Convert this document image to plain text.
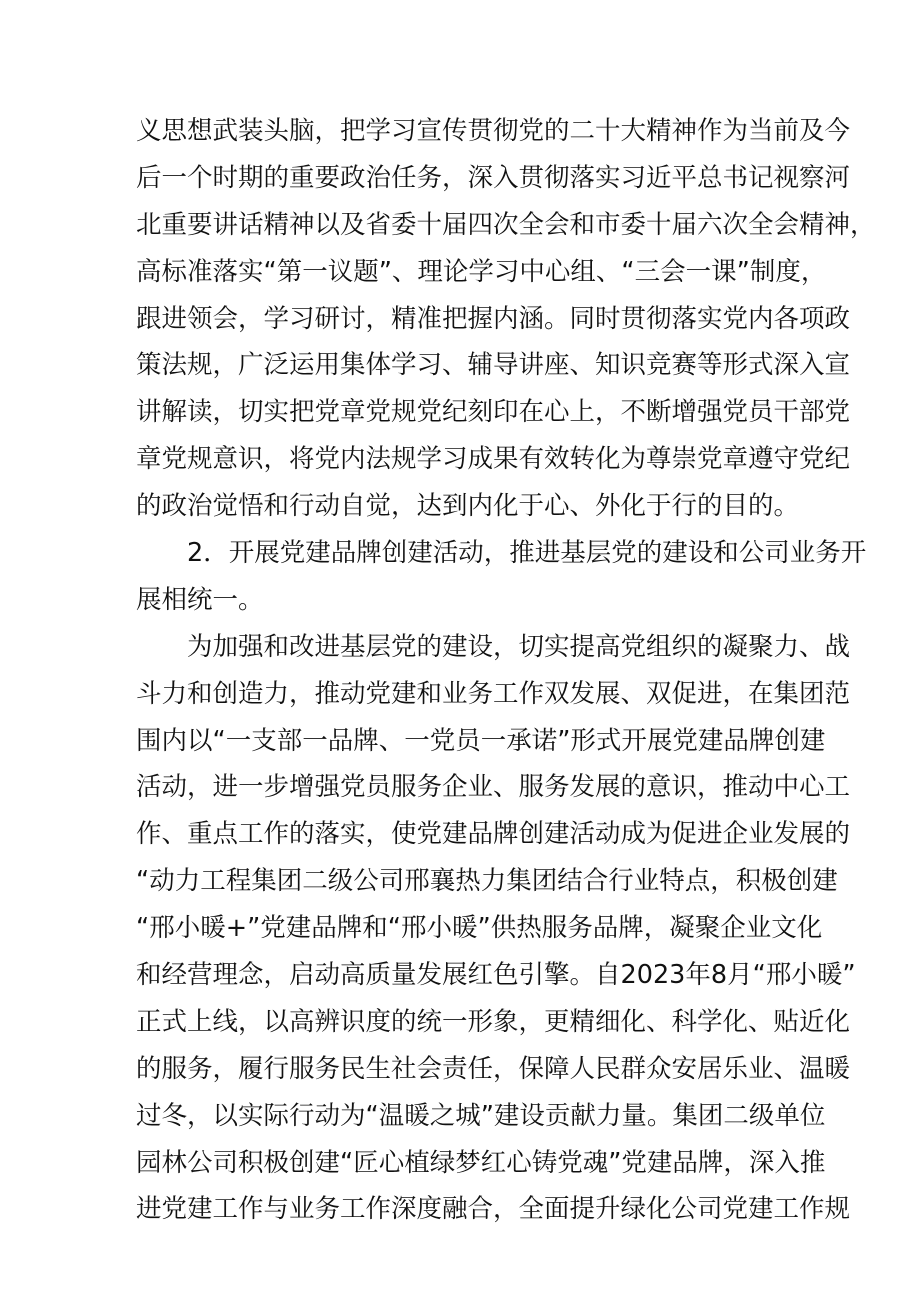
义思想武装头脑，把学习宣传贯彻党的二十大精神作为当前及今
后一个时期的重要政治任务，深入贯彻落实习近平总书记视察河
北重要讲话精神以及省委十届四次全会和市委十届六次全会精神，
高标准落实“第一议题”、理论学习中心组、“三会一课”制度，
跟进领会，学习研讨，精准把握内涵。同时贯彻落实党内各项政
策法规，广泛运用集体学习、辅导讲座、知识竞赛等形式深入宣
讲解读，切实把党章党规党纪刻印在心上，不断增强党员干部党
章党规意识，将党内法规学习成果有效转化为尊崇党章遵守党纪
的政治觉悟和行动自觉，达到内化于心、外化于行的目的。
　　2．开展党建品牌创建活动，推进基层党的建设和公司业务开
展相统一。
　　为加强和改进基层党的建设，切实提高党组织的凝聚力、战
斗力和创造力，推动党建和业务工作双发展、双促进，在集团范
围内以“一支部一品牌、一党员一承诺”形式开展党建品牌创建
活动，进一步增强党员服务企业、服务发展的意识，推动中心工
作、重点工作的落实，使党建品牌创建活动成为促进企业发展的
“动力工程集团二级公司邢襄热力集团结合行业特点，积极创建
“邢小暖+”党建品牌和“邢小暖”供热服务品牌，凝聚企业文化
和经营理念，启动高质量发展红色引擎。自2023年8月“邢小暖”
正式上线，以高辨识度的统一形象，更精细化、科学化、贴近化
的服务，履行服务民生社会责任，保障人民群众安居乐业、温暖
过冬，以实际行动为“温暖之城”建设贡献力量。集团二级单位
园林公司积极创建“匠心植绿梦红心铸党魂”党建品牌，深入推
进党建工作与业务工作深度融合，全面提升绿化公司党建工作规
